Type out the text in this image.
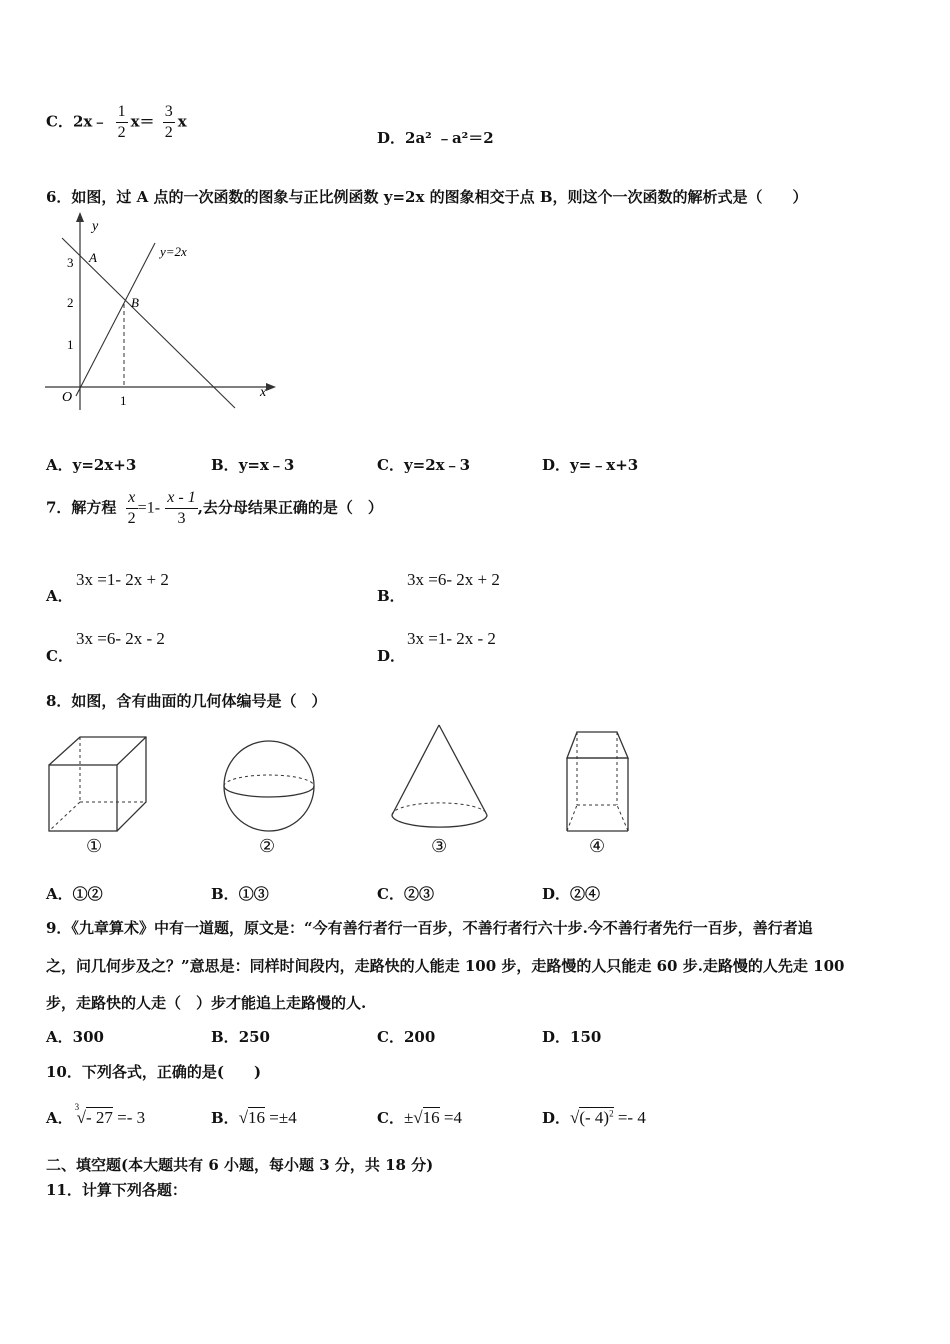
C．2x﹣ $\frac{1}{2} x= \frac{3}{2}$ x
D．2a² ﹣a²＝2
6．如图，过 A 点的一次函数的图象与正比例函数 y=2x 的图象相交于点 B，则这个一次函数的解析式是（　　）
y
x
O
A
B
y=2x
3
2
1
1
A．y=2x+3	B．y=x﹣3	C．y=2x﹣3	D．y=﹣x+3
7．解方程 $\frac{x}{2} =1- \frac{x - 1}{3}$ ,去分母结果正确的是（　）
A．
3x =1- 2x + 2
B．
3x =6- 2x + 2
C．
3x =6- 2x - 2
D．
3x =1- 2x - 2
8．如图，含有曲面的几何体编号是（　）
①	②	③	④
A．①②	B．①③	C．②③	D．②④
9．《九章算术》中有一道题，原文是：“今有善行者行一百步，不善行者行六十步.今不善行者先行一百步，善行者追
之，问几何步及之？”意思是：同样时间段内，走路快的人能走 100 步，走路慢的人只能走 60 步.走路慢的人先走 100
步，走路快的人走（　）步才能追上走路慢的人.
A．300	B．250	C．200	D．150
10．下列各式，正确的是(　　)
A．
3
√- 27 =- 3	B．√16 =±4	C．±√16 =4	D．√(- 4)$^2$ =- 4
二、填空题(本大题共有 6 小题，每小题 3 分，共 18 分)
11．计算下列各题：
